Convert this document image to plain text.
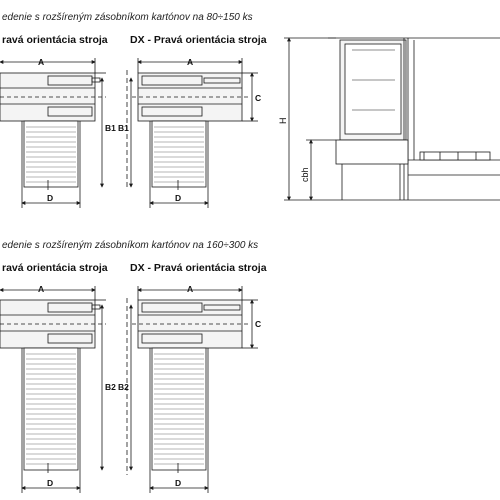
edenie s rozšíreným zásobníkom kartónov na 80÷150 ks
ravá orientácia stroja DX - Pravá orientácia stroja
edenie s rozšíreným zásobníkom kartónov na 160÷300 ks
ravá orientácia stroja DX - Pravá orientácia stroja
A
B1
D
A
B1
C
D
A
B2
D
A
B2
C
D
H
cbh
